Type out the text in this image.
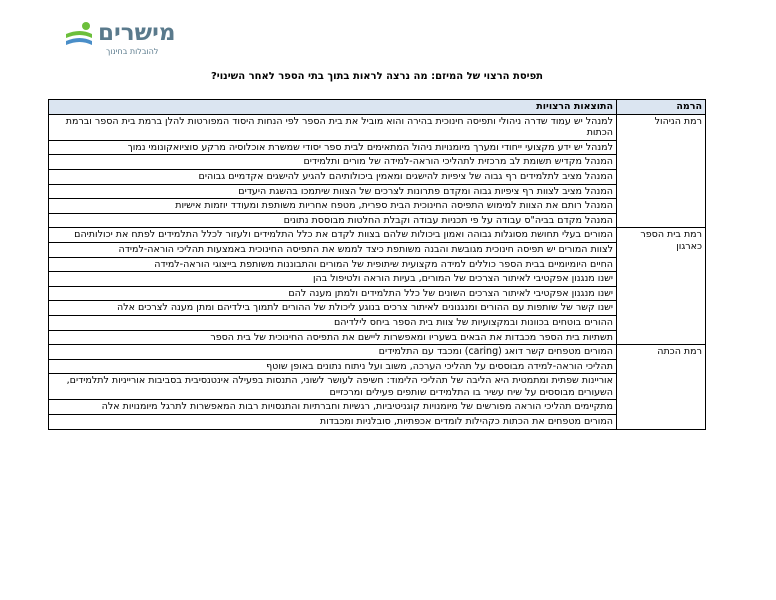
מישרים
להובלות בחינוך
תפיסת הרצוי של המיזם: מה נרצה לראות בתוך בתי הספר לאחר השינוי?
הרמה	התוצאות הרצויות
רמת הניהול	למנהל יש עמוד שדרה ניהולי ותפיסה חינוכית בהירה והוא מוביל את בית הספר לפי הנחות היסוד המפורטות להלן ברמת בית הספר וברמת הכתות
	למנהל יש ידע מקצועי ייחודי ומערך מיומנויות ניהול המתאימים לבית ספר יסודי שמשרת אוכלוסיה מרקע סוציואקונומי נמוך
	המנהל מקדיש תשומת לב מרכזית לתהליכי הוראה-למידה של מורים ותלמידים
	המנהל מציב לתלמידים רף גבוה של ציפיות להישגים ומאמין ביכולותיהם להגיע להישגים אקדמיים גבוהים
	המנהל מציב לצוות רף ציפיות גבוה ומקדם פתרונות לצרכים של הצוות שיתמכו בהשגת היעדים
	המנהל רותם את הצוות למימוש התפיסה החינוכית הבית ספרית, מטפח אחריות משותפת ומעודד יוזמות אישיות
	המנהל מקדם בביה"ס עבודה על פי תכניות עבודה וקבלת החלטות מבוססת נתונים
רמת בית הספר כארגון	המורים בעלי תחושת מסוגלות גבוהה ואמון ביכולות שלהם בצוות לקדם את כלל התלמידים ולעזור לכלל התלמידים לפתח את יכולותיהם
	לצוות המורים יש תפיסה חינוכית מגובשת והבנה משותפת כיצד לממש את התפיסה החינוכית באמצעות תהליכי הוראה-למידה
	החיים היומיומיים בבית הספר כוללים למידה מקצועית שיתופית של המורים והתבוננות משותפת בייצוגי הוראה-למידה
	ישנו מנגנון אפקטיבי לאיתור הצרכים של המורים, בעיות הוראה ולטיפול בהן
	ישנו מנגנון אפקטיבי לאיתור הצרכים השונים של כלל התלמידים ולמתן מענה להם
	ישנו קשר של שותפות עם ההורים ומנגנונים לאיתור צרכים בנוגע ליכולת של ההורים לתמוך בילדיהם ומתן מענה לצרכים אלה
	ההורים בוטחים בכוונות ובמקצועיות של צוות בית הספר ביחס לילדיהם
	תשתיות בית הספר מכבדות את הבאים בשעריו ומאפשרות ליישם את התפיסה החינוכית של בית הספר
רמת הכתה	המורים מטפחים קשר דואג (caring) ומכבד עם התלמידים
	תהליכי הוראה-למידה מבוססים על תהליכי הערכה, משוב ועל ניתוח נתונים באופן שוטף
	אוריינות שפתית ומתמטית היא הליבה של תהליכי הלימוד: חשיפה לעושר לשוני, התנסות בפעילה אינטנסיבית בסביבות אורייניות לתלמידים, השעורים מבוססים על שיח עשיר בו התלמידים שותפים פעילים ומרכזיים
	מתקיימים תהליכי הוראה מפורשים של מיומנויות קוגניטיביות, רגשיות וחברתיות והתנסויות רבות המאפשרות לתרגל מיומנויות אלה
	המורים מטפחים את הכתות כקהילות לומדים אכפתיות, סובלניות ומכבדות
